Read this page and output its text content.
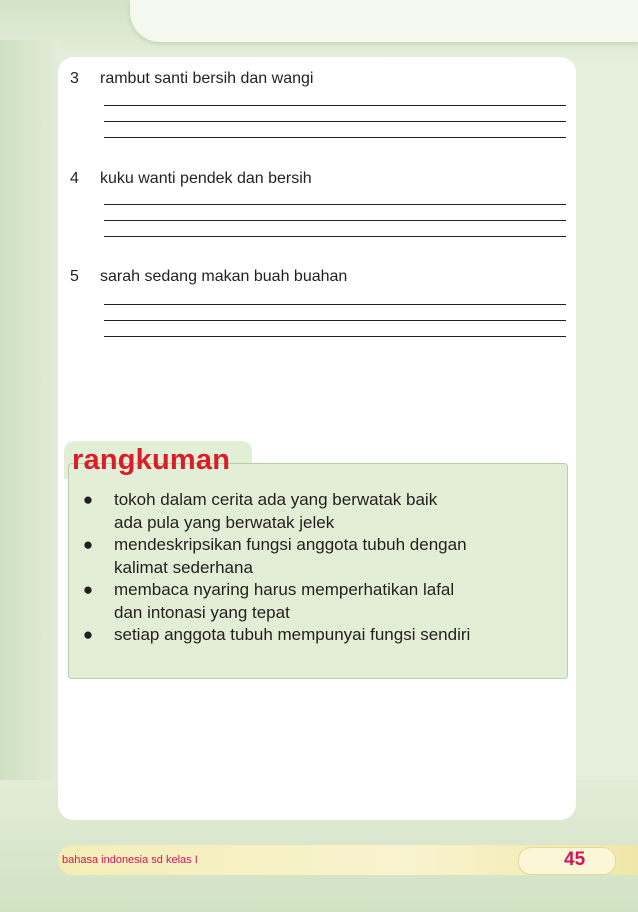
3 rambut santi bersih dan wangi
4 kuku wanti pendek dan bersih
5 sarah sedang makan buah buahan
rangkuman
● tokoh dalam cerita ada yang berwatak baik
ada pula yang berwatak jelek
● mendeskripsikan fungsi anggota tubuh dengan
kalimat sederhana
● membaca nyaring harus memperhatikan lafal
dan intonasi yang tepat
● setiap anggota tubuh mempunyai fungsi sendiri
bahasa indonesia sd kelas I	45
